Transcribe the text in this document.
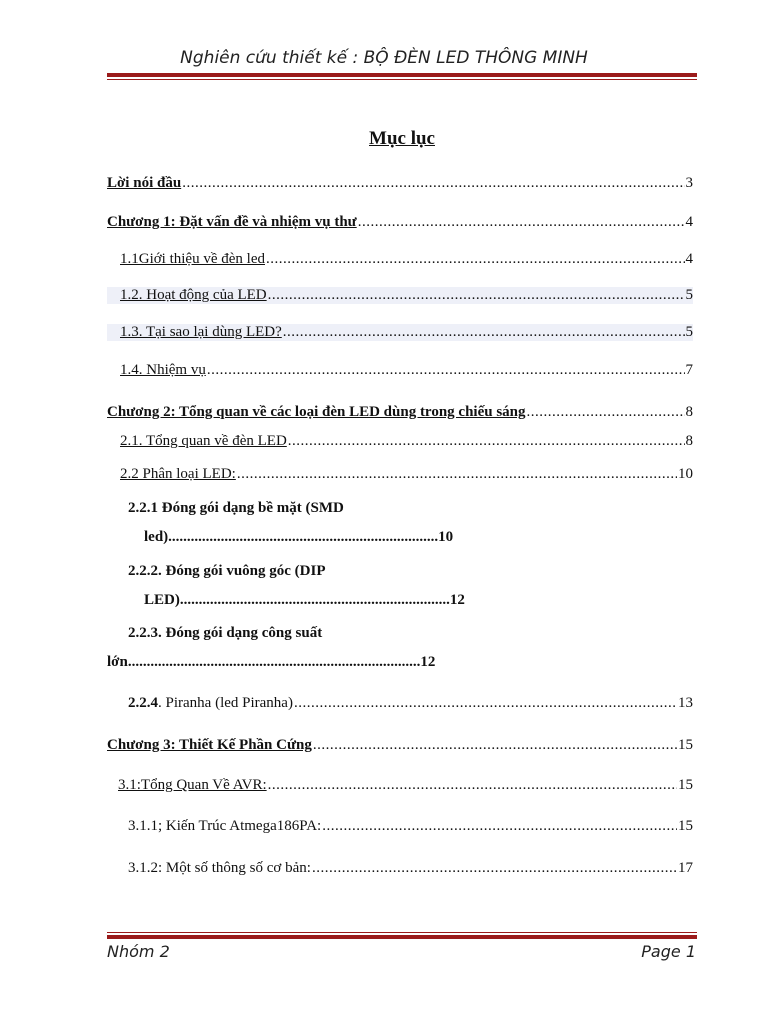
Nghiên cứu thiết kế : BỘ ĐÈN LED THÔNG MINH
Mục lục
Lời nói đầu .....	3
Chương 1: Đặt vấn đề và nhiệm vụ thư .....	4
1.1Giới thiệu về đèn led .....	4
1.2. Hoạt động của LED .....	5
1.3. Tại sao lại dùng LED? .....	5
1.4. Nhiệm vụ .....	7
Chương 2: Tổng quan về các loại đèn LED dùng trong chiếu sáng .....	8
2.1. Tổng quan về đèn LED .....	8
2.2 Phân loại LED: .....	10
2.2.1 Đóng gói dạng bề mặt (SMD
led)........................................................................10
2.2.2. Đóng gói vuông góc (DIP
LED)........................................................................12
2.2.3. Đóng gói dạng công suất
lớn..............................................................................12
2.2.4 . Piranha (led Piranha) .....	13
Chương 3: Thiết Kế Phần Cứng .....	15
3.1:Tổng Quan Về AVR: .....	15
3.1.1; Kiến Trúc Atmega186PA: .....	15
3.1.2: Một số thông số cơ bản: .....	17
Nhóm 2	Page 1
